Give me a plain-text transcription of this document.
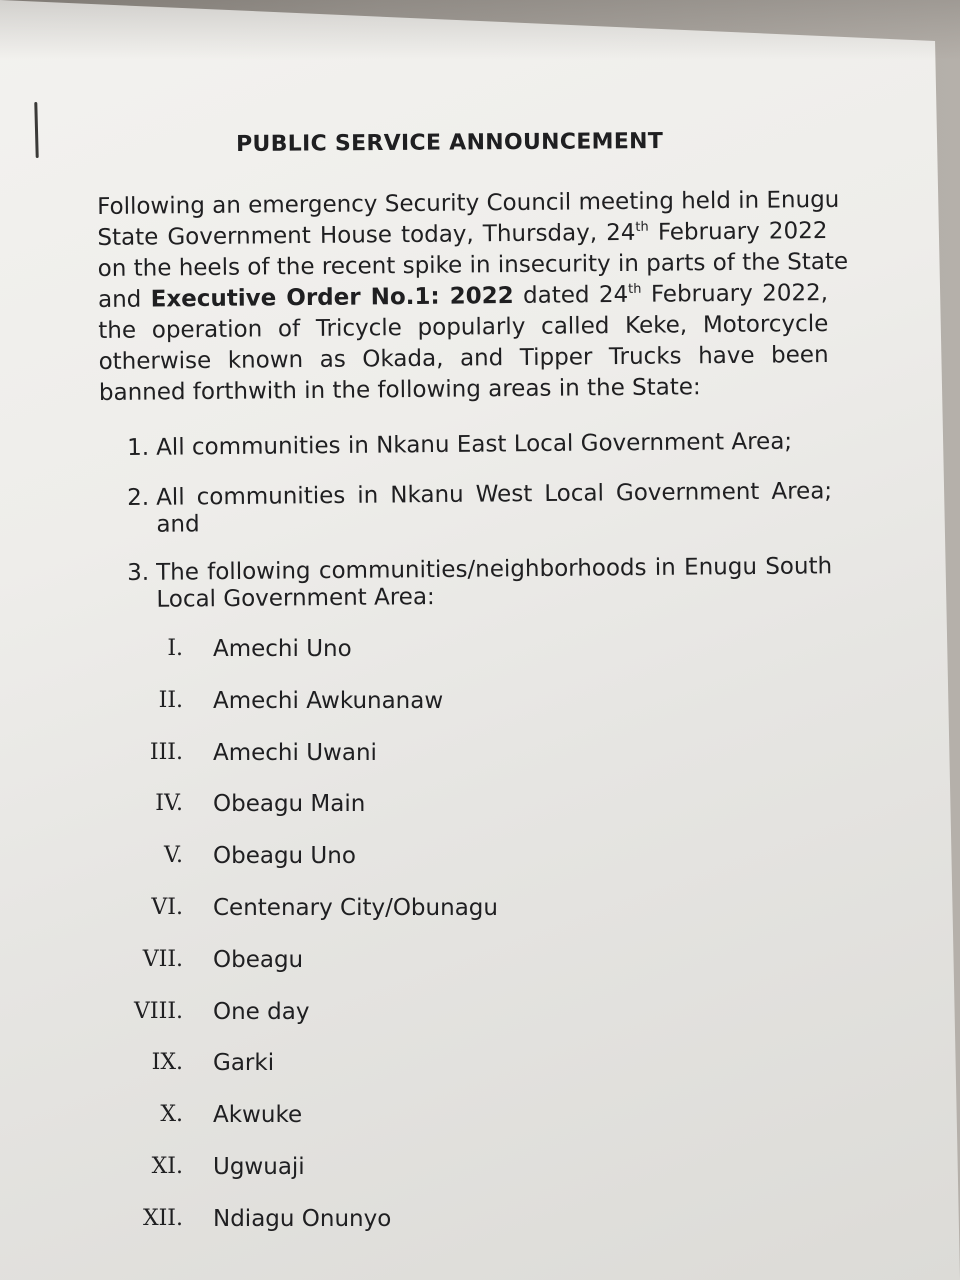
PUBLIC SERVICE ANNOUNCEMENT
Following an emergency Security Council meeting held in Enugu
State Government House today, Thursday, 24th February 2022
on the heels of the recent spike in insecurity in parts of the State
and Executive Order No.1: 2022 dated 24th February 2022,
the operation of Tricycle popularly called Keke, Motorcycle
otherwise known as Okada, and Tipper Trucks have been
banned forthwith in the following areas in the State:
1. All communities in Nkanu East Local Government Area;
2. All communities in Nkanu West Local Government Area;
and
3. The following communities/neighborhoods in Enugu South
Local Government Area:
I. Amechi Uno
II. Amechi Awkunanaw
III. Amechi Uwani
IV. Obeagu Main
V. Obeagu Uno
VI. Centenary City/Obunagu
VII. Obeagu
VIII. One day
IX. Garki
X. Akwuke
XI. Ugwuaji
XII. Ndiagu Onunyo
